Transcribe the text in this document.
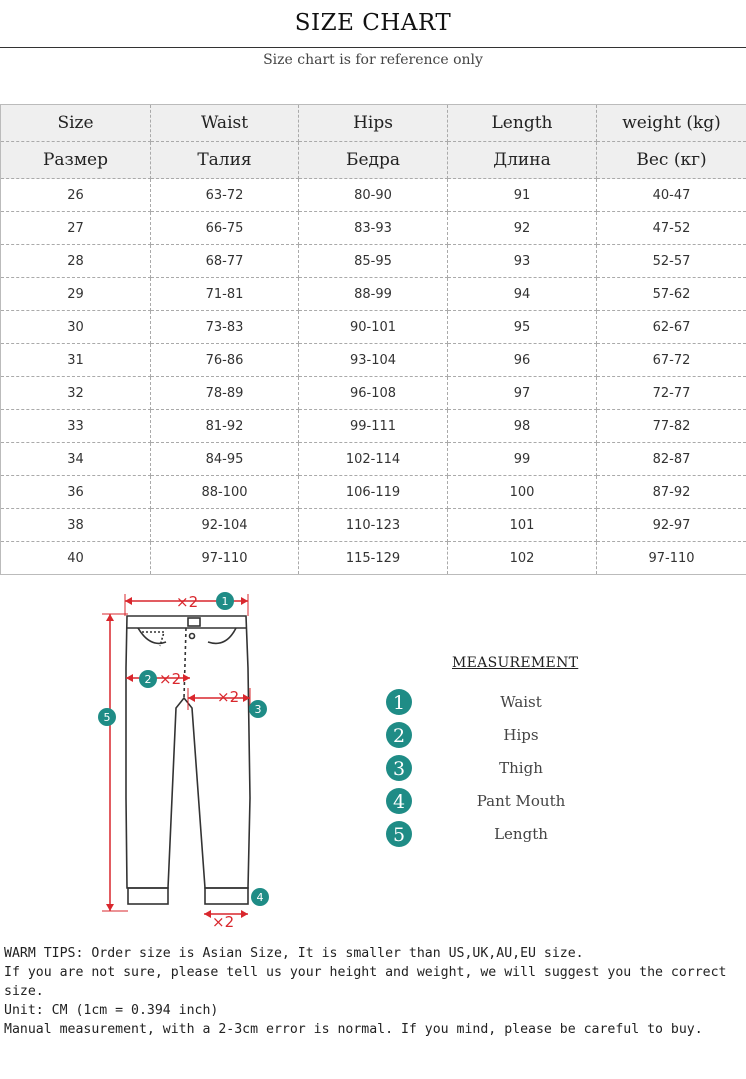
SIZE CHART
Size chart is for reference only
Size	Waist	Hips	Length	weight (kg)
Размер	Талия	Бедра	Длина	Вес (кг)
26	63-72	80-90	91	40-47
27	66-75	83-93	92	47-52
28	68-77	85-95	93	52-57
29	71-81	88-99	94	57-62
30	73-83	90-101	95	62-67
31	76-86	93-104	96	67-72
32	78-89	96-108	97	72-77
33	81-92	99-111	98	77-82
34	84-95	102-114	99	82-87
36	88-100	106-119	100	87-92
38	92-104	110-123	101	92-97
40	97-110	115-129	102	97-110
×2 1
5
2 ×2
×2
3
×2
4
MEASUREMENT
1	Waist
2	Hips
3	Thigh
4	Pant Mouth
5	Length
WARM TIPS: Order size is Asian Size, It is smaller than US,UK,AU,EU size.
If you are not sure, please tell us your height and weight, we will suggest you the correct size.
Unit: CM (1cm = 0.394 inch)
Manual measurement, with a 2-3cm error is normal. If you mind, please be careful to buy.
